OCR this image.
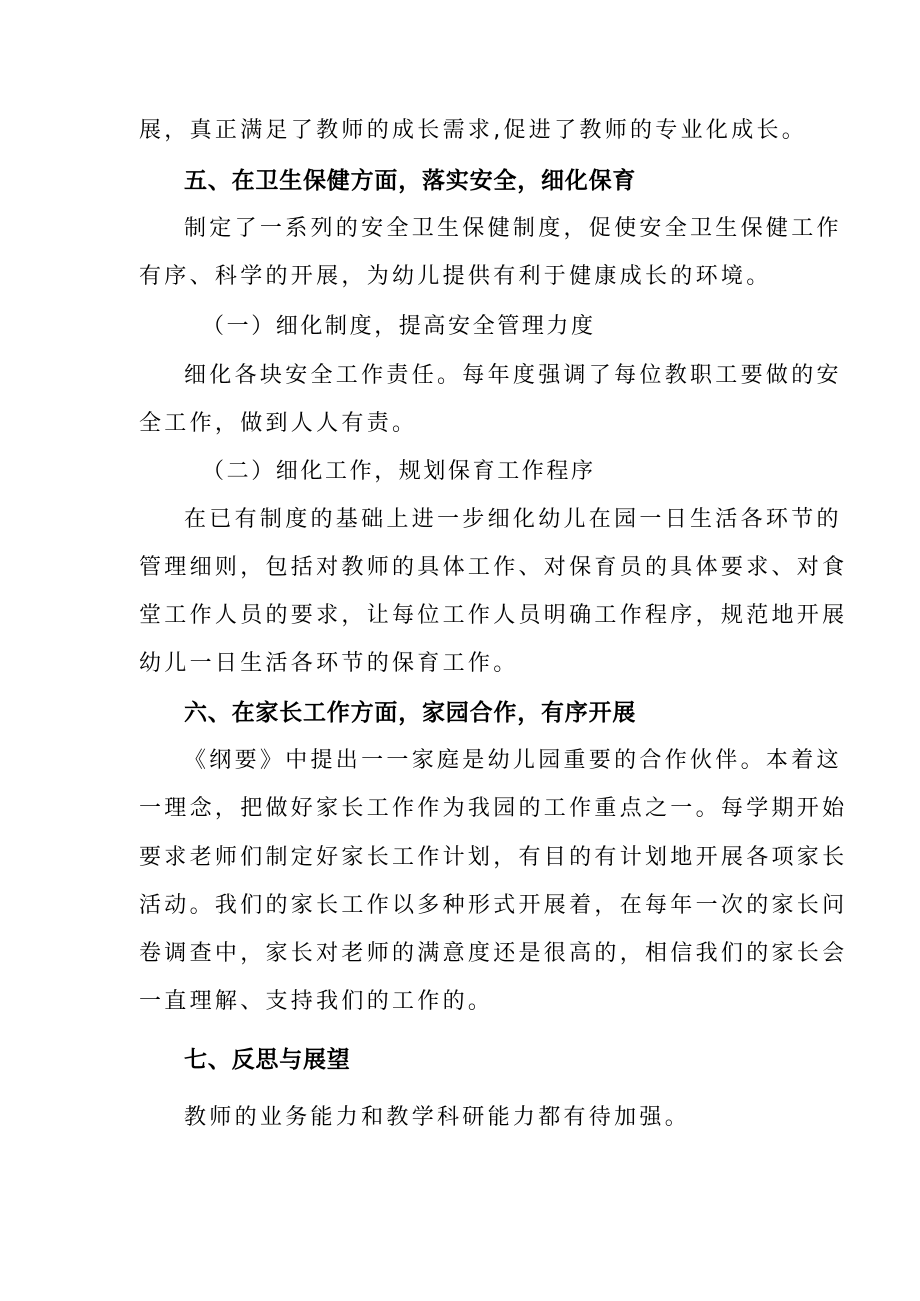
展，真正满足了教师的成长需求,促进了教师的专业化成长。
五、在卫生保健方面，落实安全，细化保育
制定了一系列的安全卫生保健制度，促使安全卫生保健工作
有序、科学的开展，为幼儿提供有利于健康成长的环境。
（一）细化制度，提高安全管理力度
细化各块安全工作责任。每年度强调了每位教职工要做的安
全工作，做到人人有责。
（二）细化工作，规划保育工作程序
在已有制度的基础上进一步细化幼儿在园一日生活各环节的
管理细则，包括对教师的具体工作、对保育员的具体要求、对食
堂工作人员的要求，让每位工作人员明确工作程序，规范地开展
幼儿一日生活各环节的保育工作。
六、在家长工作方面，家园合作，有序开展
《纲要》中提出一一家庭是幼儿园重要的合作伙伴。本着这
一理念，把做好家长工作作为我园的工作重点之一。每学期开始
要求老师们制定好家长工作计划，有目的有计划地开展各项家长
活动。我们的家长工作以多种形式开展着，在每年一次的家长问
卷调查中，家长对老师的满意度还是很高的，相信我们的家长会
一直理解、支持我们的工作的。
七、反思与展望
教师的业务能力和教学科研能力都有待加强。
